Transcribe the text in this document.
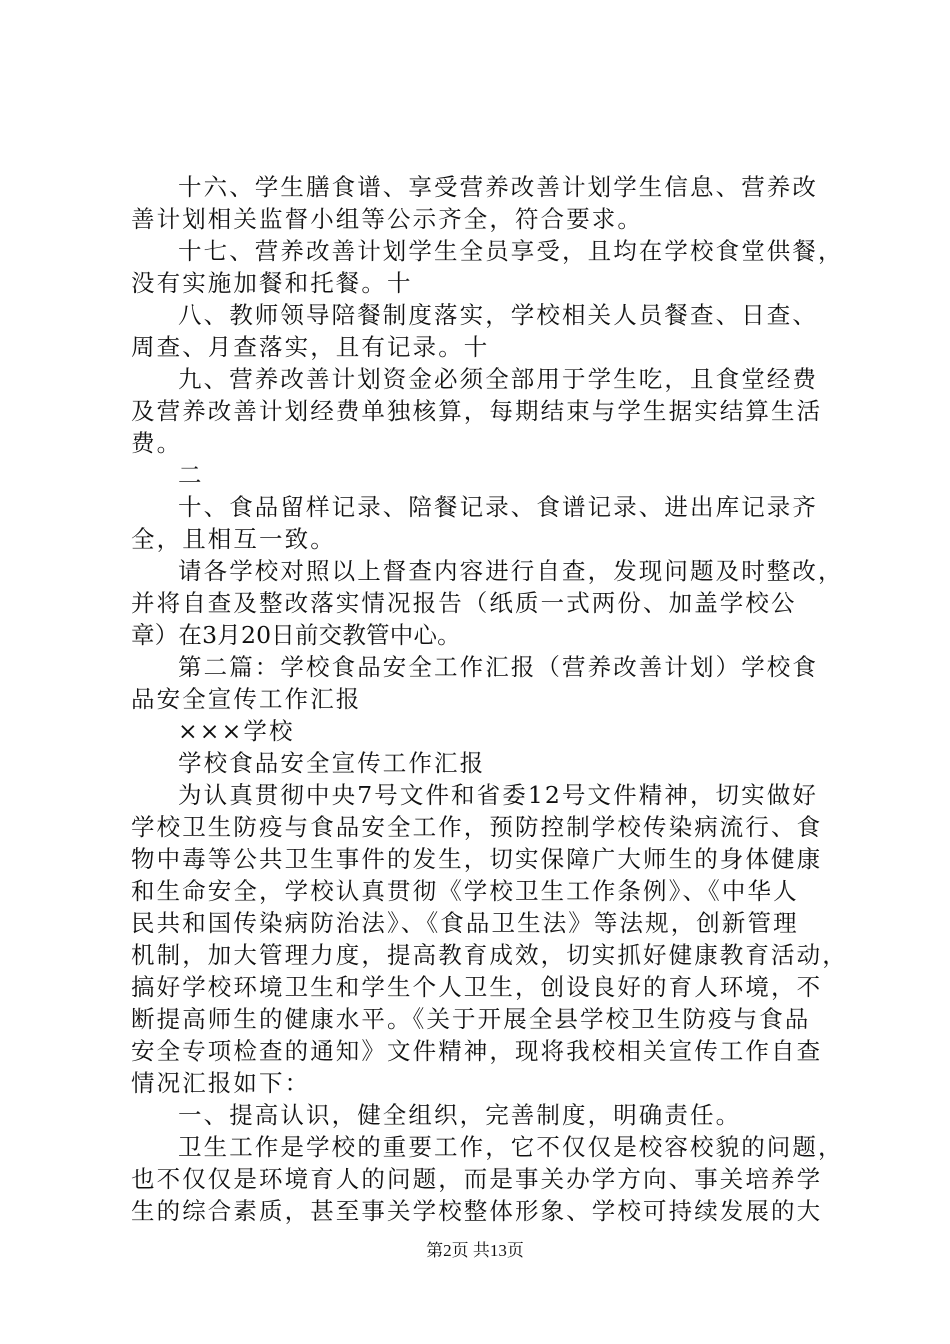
十六、学生膳食谱、享受营养改善计划学生信息、营养改
善计划相关监督小组等公示齐全，符合要求。
十七、营养改善计划学生全员享受，且均在学校食堂供餐，
没有实施加餐和托餐。十
八、教师领导陪餐制度落实，学校相关人员餐查、日查、
周查、月查落实，且有记录。十
九、营养改善计划资金必须全部用于学生吃，且食堂经费
及营养改善计划经费单独核算，每期结束与学生据实结算生活
费。
二
十、食品留样记录、陪餐记录、食谱记录、进出库记录齐
全，且相互一致。
请各学校对照以上督查内容进行自查，发现问题及时整改，
并将自查及整改落实情况报告（纸质一式两份、加盖学校公
章）在3月20日前交教管中心。
第二篇：学校食品安全工作汇报（营养改善计划）学校食
品安全宣传工作汇报
×××学校
学校食品安全宣传工作汇报
为认真贯彻中央7号文件和省委12号文件精神，切实做好
学校卫生防疫与食品安全工作，预防控制学校传染病流行、食
物中毒等公共卫生事件的发生，切实保障广大师生的身体健康
和生命安全，学校认真贯彻《学校卫生工作条例》、《中华人
民共和国传染病防治法》、《食品卫生法》等法规，创新管理
机制，加大管理力度，提高教育成效，切实抓好健康教育活动，
搞好学校环境卫生和学生个人卫生，创设良好的育人环境，不
断提高师生的健康水平。《关于开展全县学校卫生防疫与食品
安全专项检查的通知》文件精神，现将我校相关宣传工作自查
情况汇报如下：
一、提高认识，健全组织，完善制度，明确责任。
卫生工作是学校的重要工作，它不仅仅是校容校貌的问题，
也不仅仅是环境育人的问题，而是事关办学方向、事关培养学
生的综合素质，甚至事关学校整体形象、学校可持续发展的大
第2页 共13页
